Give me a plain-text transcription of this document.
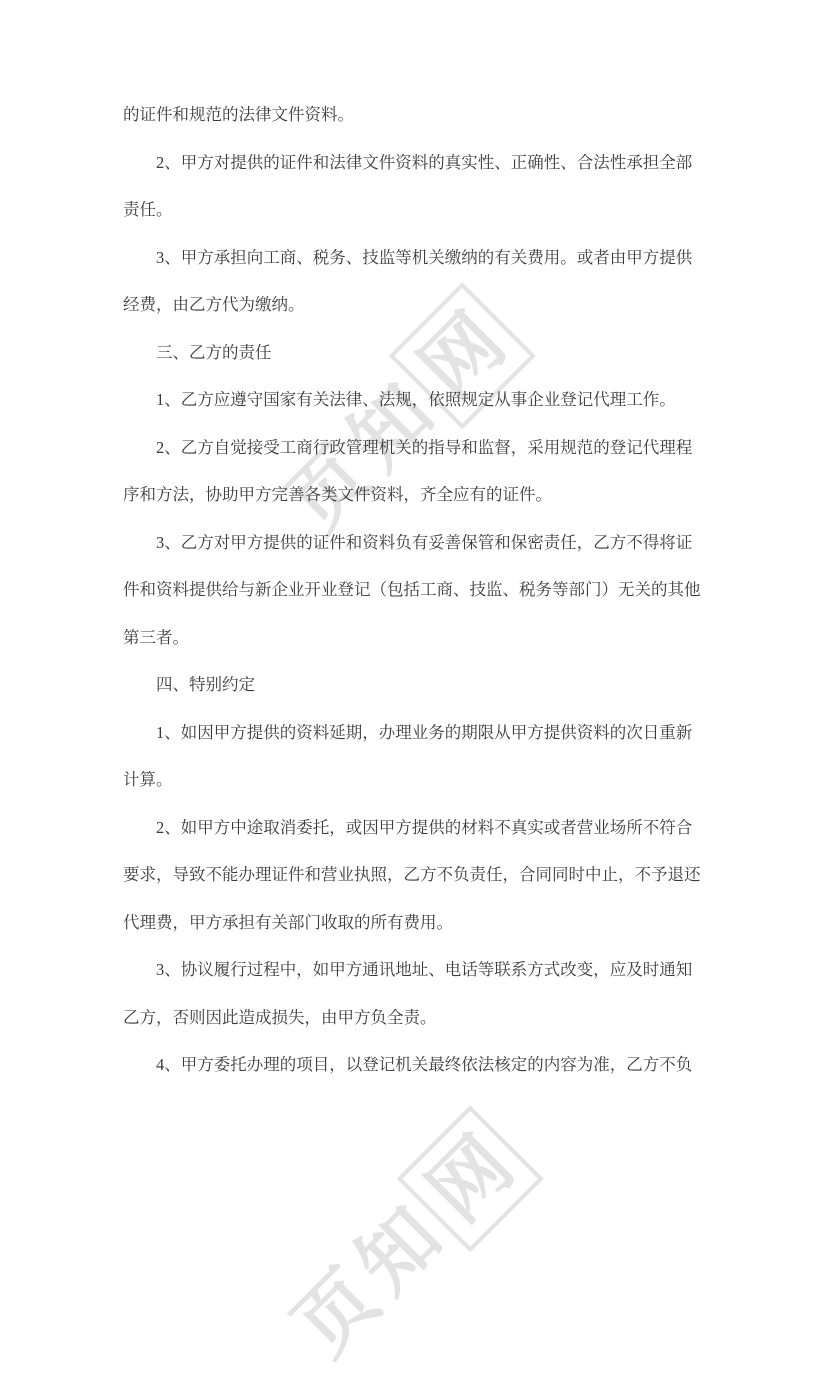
页
知
网
页
知
网
的证件和规范的法律文件资料。
2、甲方对提供的证件和法律文件资料的真实性、正确性、合法性承担全部
责任。
3、甲方承担向工商、税务、技监等机关缴纳的有关费用。或者由甲方提供
经费，由乙方代为缴纳。
三、乙方的责任
1、乙方应遵守国家有关法律、法规，依照规定从事企业登记代理工作。
2、乙方自觉接受工商行政管理机关的指导和监督，采用规范的登记代理程
序和方法，协助甲方完善各类文件资料，齐全应有的证件。
3、乙方对甲方提供的证件和资料负有妥善保管和保密责任，乙方不得将证
件和资料提供给与新企业开业登记（包括工商、技监、税务等部门）无关的其他
第三者。
四、特别约定
1、如因甲方提供的资料延期，办理业务的期限从甲方提供资料的次日重新
计算。
2、如甲方中途取消委托，或因甲方提供的材料不真实或者营业场所不符合
要求，导致不能办理证件和营业执照，乙方不负责任，合同同时中止，不予退还
代理费，甲方承担有关部门收取的所有费用。
3、协议履行过程中，如甲方通讯地址、电话等联系方式改变，应及时通知
乙方，否则因此造成损失，由甲方负全责。
4、甲方委托办理的项目，以登记机关最终依法核定的内容为准，乙方不负
